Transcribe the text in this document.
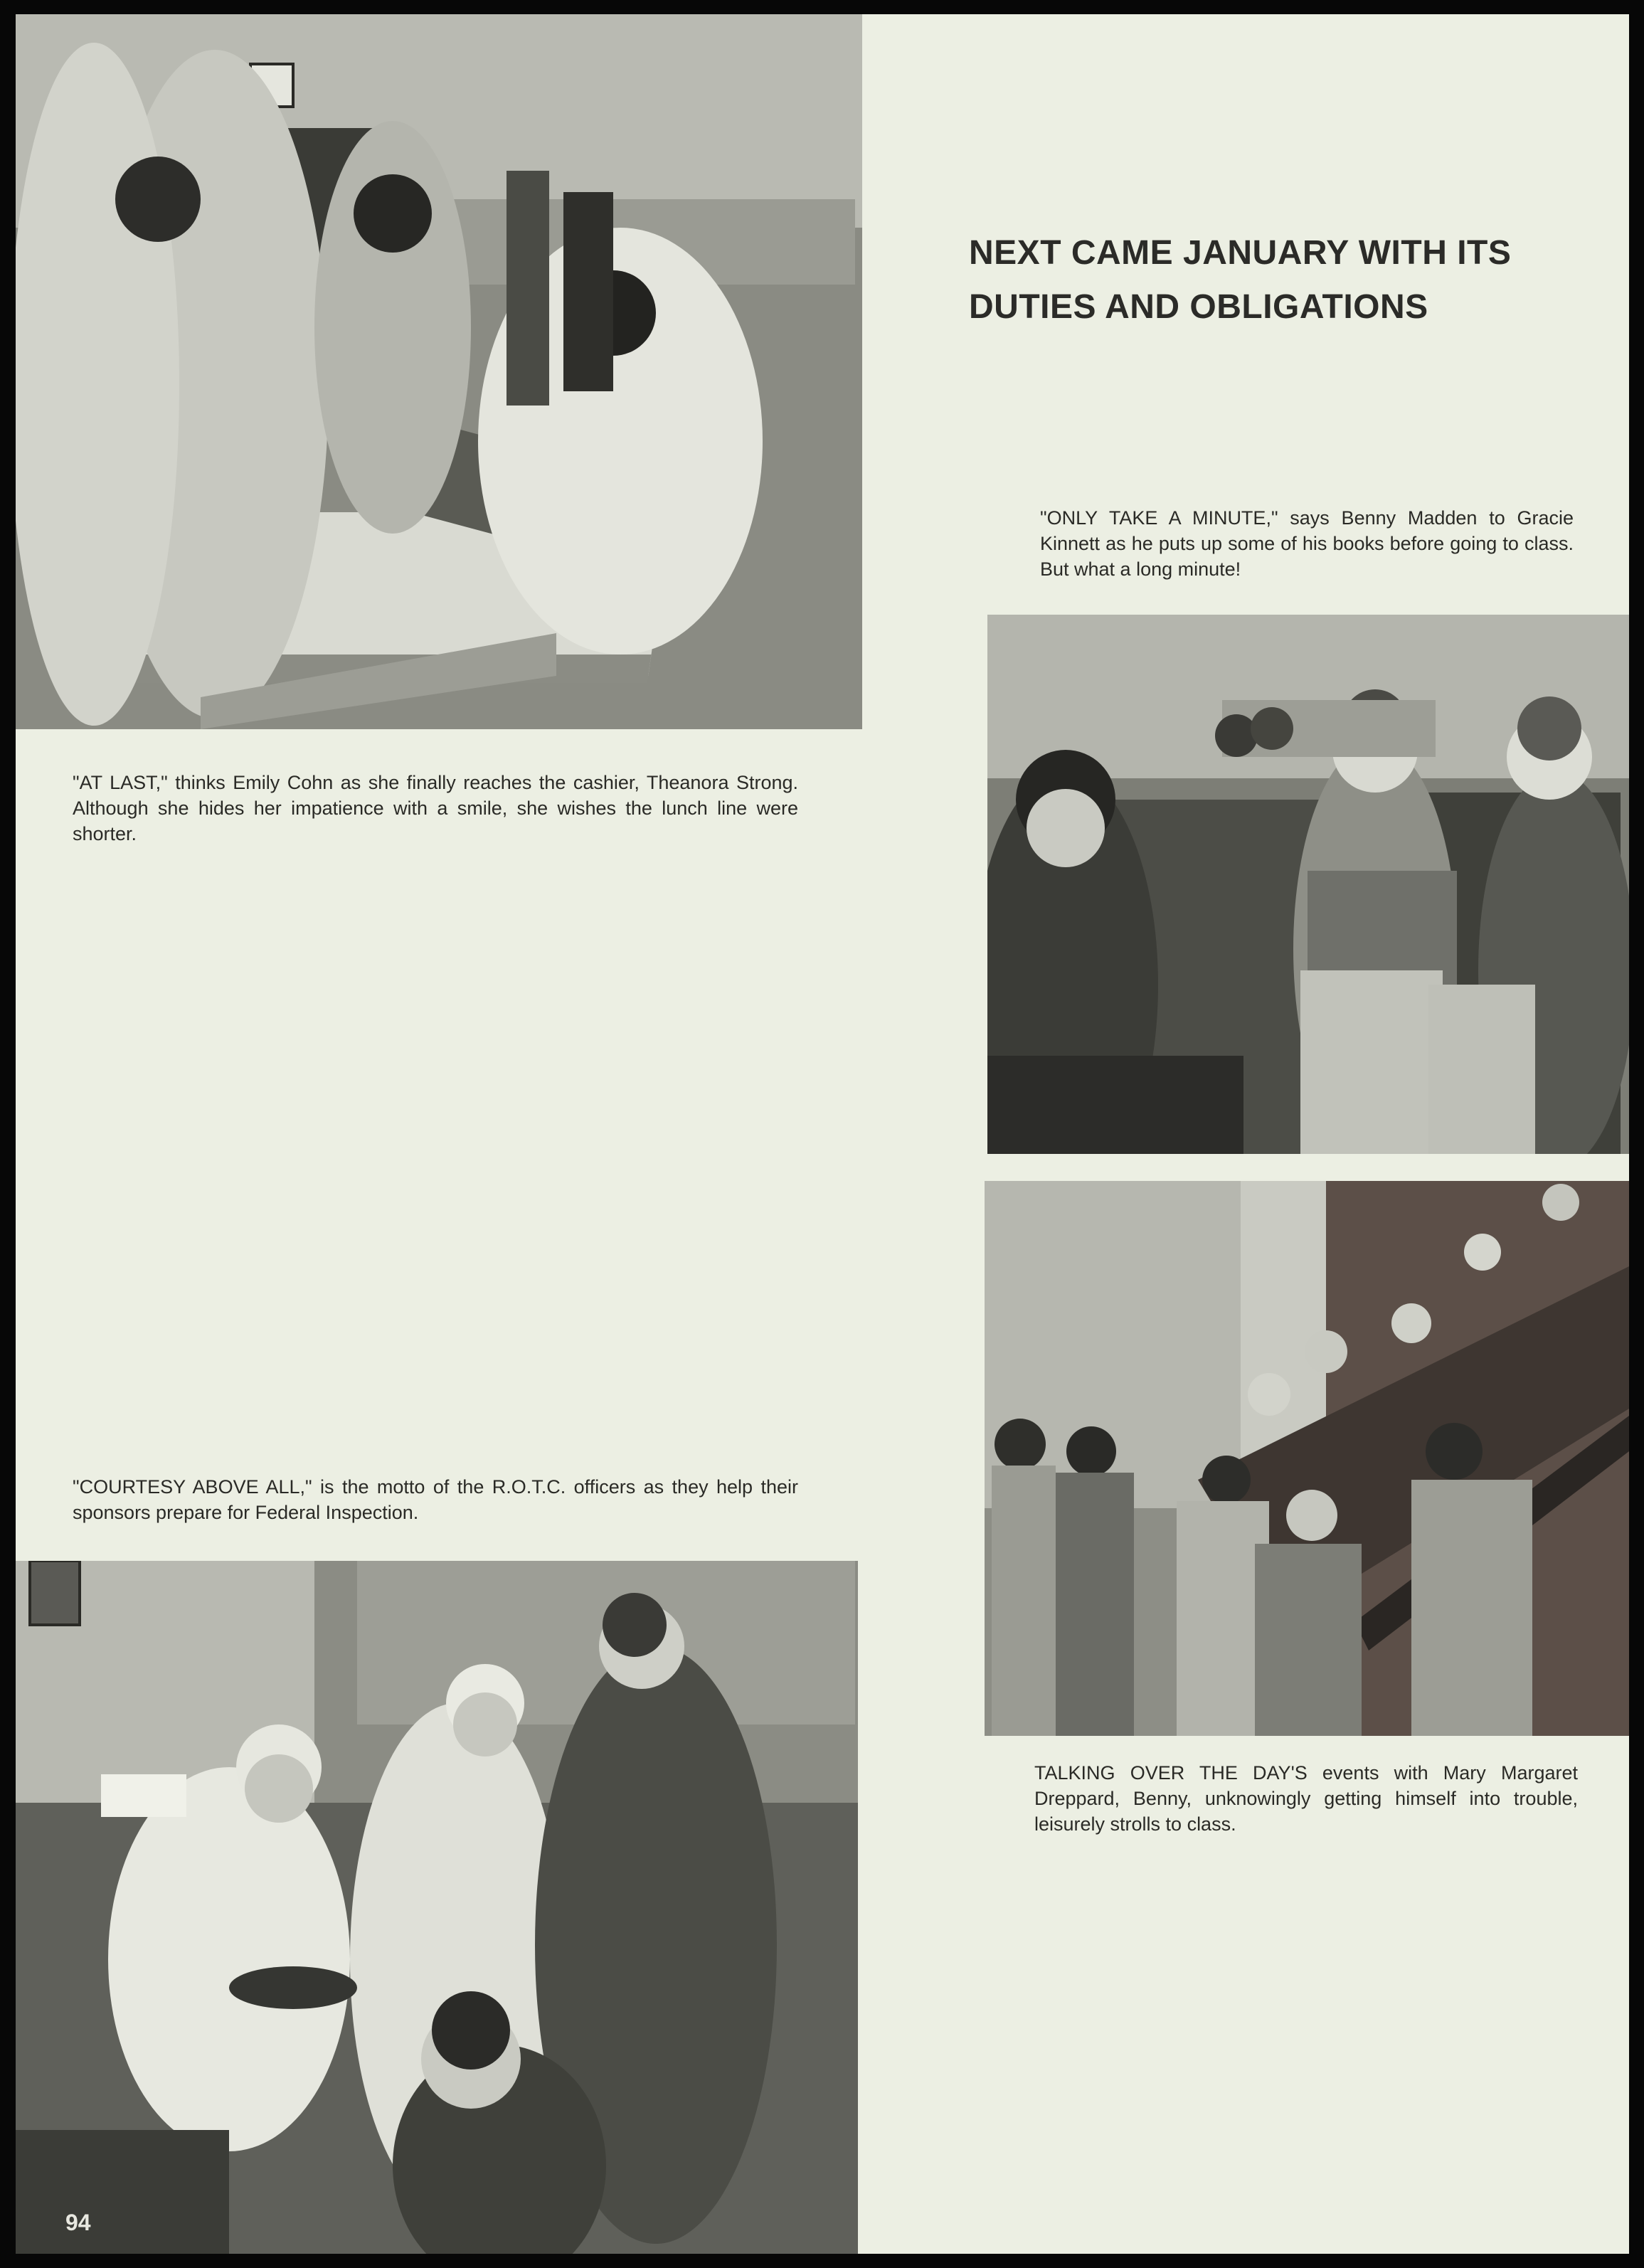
"AT LAST," thinks Emily Cohn as she finally reaches the cashier, Theanora Strong. Although she hides her impatience with a smile, she wishes the lunch line were shorter.

NEXT CAME JANUARY WITH ITS
DUTIES AND OBLIGATIONS

"ONLY TAKE A MINUTE," says Benny Madden to Gracie Kinnett as he puts up some of his books before going to class. But what a long minute!

TALKING OVER THE DAY'S events with Mary Margaret Dreppard, Benny, unknowingly getting himself into trouble, leisurely strolls to class.

"COURTESY ABOVE ALL," is the motto of the R.O.T.C. officers as they help their sponsors prepare for Federal Inspection.

94
